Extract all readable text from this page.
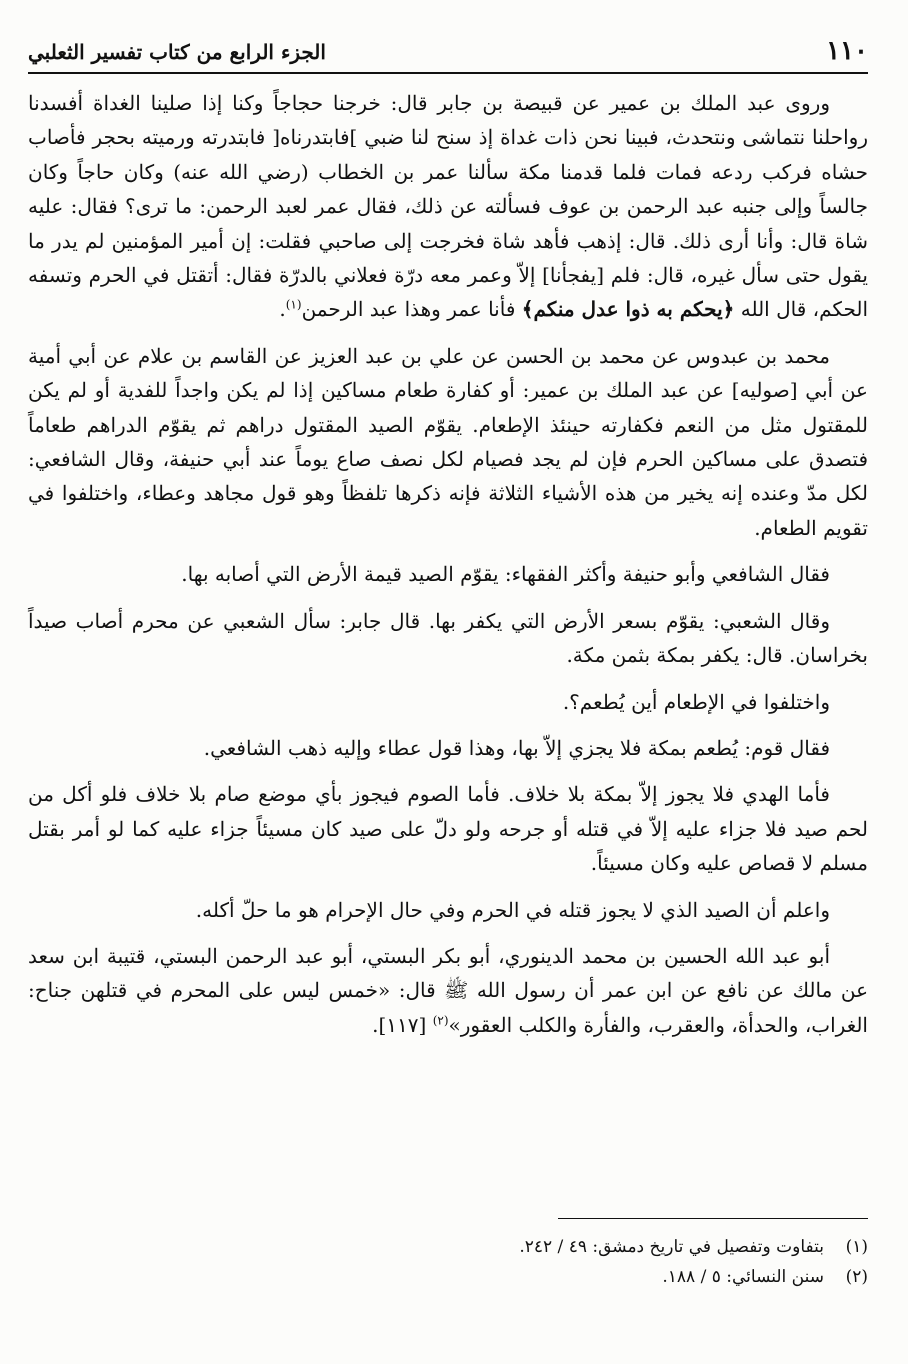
١١٠
الجزء الرابع من كتاب تفسير الثعلبي

وروى عبد الملك بن عمير عن قبيصة بن جابر قال: خرجنا حجاجاً وكنا إذا صلينا الغداة أفسدنا رواحلنا نتماشى ونتحدث، فبينا نحن ذات غداة إذ سنح لنا ضبي ]فابتدرناه[ فابتدرته ورميته بحجر فأصاب حشاه فركب ردعه فمات فلما قدمنا مكة سألنا عمر بن الخطاب (رضي الله عنه) وكان حاجاً وكان جالساً وإلى جنبه عبد الرحمن بن عوف فسألته عن ذلك، فقال عمر لعبد الرحمن: ما ترى؟ فقال: عليه شاة قال: وأنا أرى ذلك. قال: إذهب فأهد شاة فخرجت إلى صاحبي فقلت: إن أمير المؤمنين لم يدر ما يقول حتى سأل غيره، قال: فلم [يفجأنا] إلاّ وعمر معه درّة فعلاني بالدرّة فقال: أتقتل في الحرم وتسفه الحكم، قال الله ﴿يحكم به ذوا عدل منكم﴾ فأنا عمر وهذا عبد الرحمن$^{(١)}$.

محمد بن عبدوس عن محمد بن الحسن عن علي بن عبد العزيز عن القاسم بن علام عن أبي أمية عن أبي [صوليه] عن عبد الملك بن عمير: أو كفارة طعام مساكين إذا لم يكن واجداً للفدية أو لم يكن للمقتول مثل من النعم فكفارته حينئذ الإطعام. يقوّم الصيد المقتول دراهم ثم يقوّم الدراهم طعاماً فتصدق على مساكين الحرم فإن لم يجد فصيام لكل نصف صاع يوماً عند أبي حنيفة، وقال الشافعي: لكل مدّ وعنده إنه يخير من هذه الأشياء الثلاثة فإنه ذكرها تلفظاً وهو قول مجاهد وعطاء، واختلفوا في تقويم الطعام.

فقال الشافعي وأبو حنيفة وأكثر الفقهاء: يقوّم الصيد قيمة الأرض التي أصابه بها.

وقال الشعبي: يقوّم بسعر الأرض التي يكفر بها. قال جابر: سأل الشعبي عن محرم أصاب صيداً بخراسان. قال: يكفر بمكة بثمن مكة.

واختلفوا في الإطعام أين يُطعم؟.

فقال قوم: يُطعم بمكة فلا يجزي إلاّ بها، وهذا قول عطاء وإليه ذهب الشافعي.

فأما الهدي فلا يجوز إلاّ بمكة بلا خلاف. فأما الصوم فيجوز بأي موضع صام بلا خلاف فلو أكل من لحم صيد فلا جزاء عليه إلاّ في قتله أو جرحه ولو دلّ على صيد كان مسيئاً جزاء عليه كما لو أمر بقتل مسلم لا قصاص عليه وكان مسيئاً.

واعلم أن الصيد الذي لا يجوز قتله في الحرم وفي حال الإحرام هو ما حلّ أكله.

أبو عبد الله الحسين بن محمد الدينوري، أبو بكر البستي، أبو عبد الرحمن البستي، قتيبة ابن سعد عن مالك عن نافع عن ابن عمر أن رسول الله ﷺ قال: «خمس ليس على المحرم في قتلهن جناح: الغراب، والحدأة، والعقرب، والفأرة والكلب العقور»$^{(٢)}$ [١١٧].

(١)بتفاوت وتفصيل في تاريخ دمشق: ٤٩ / ٢٤٢.
(٢)سنن النسائي: ٥ / ١٨٨.
